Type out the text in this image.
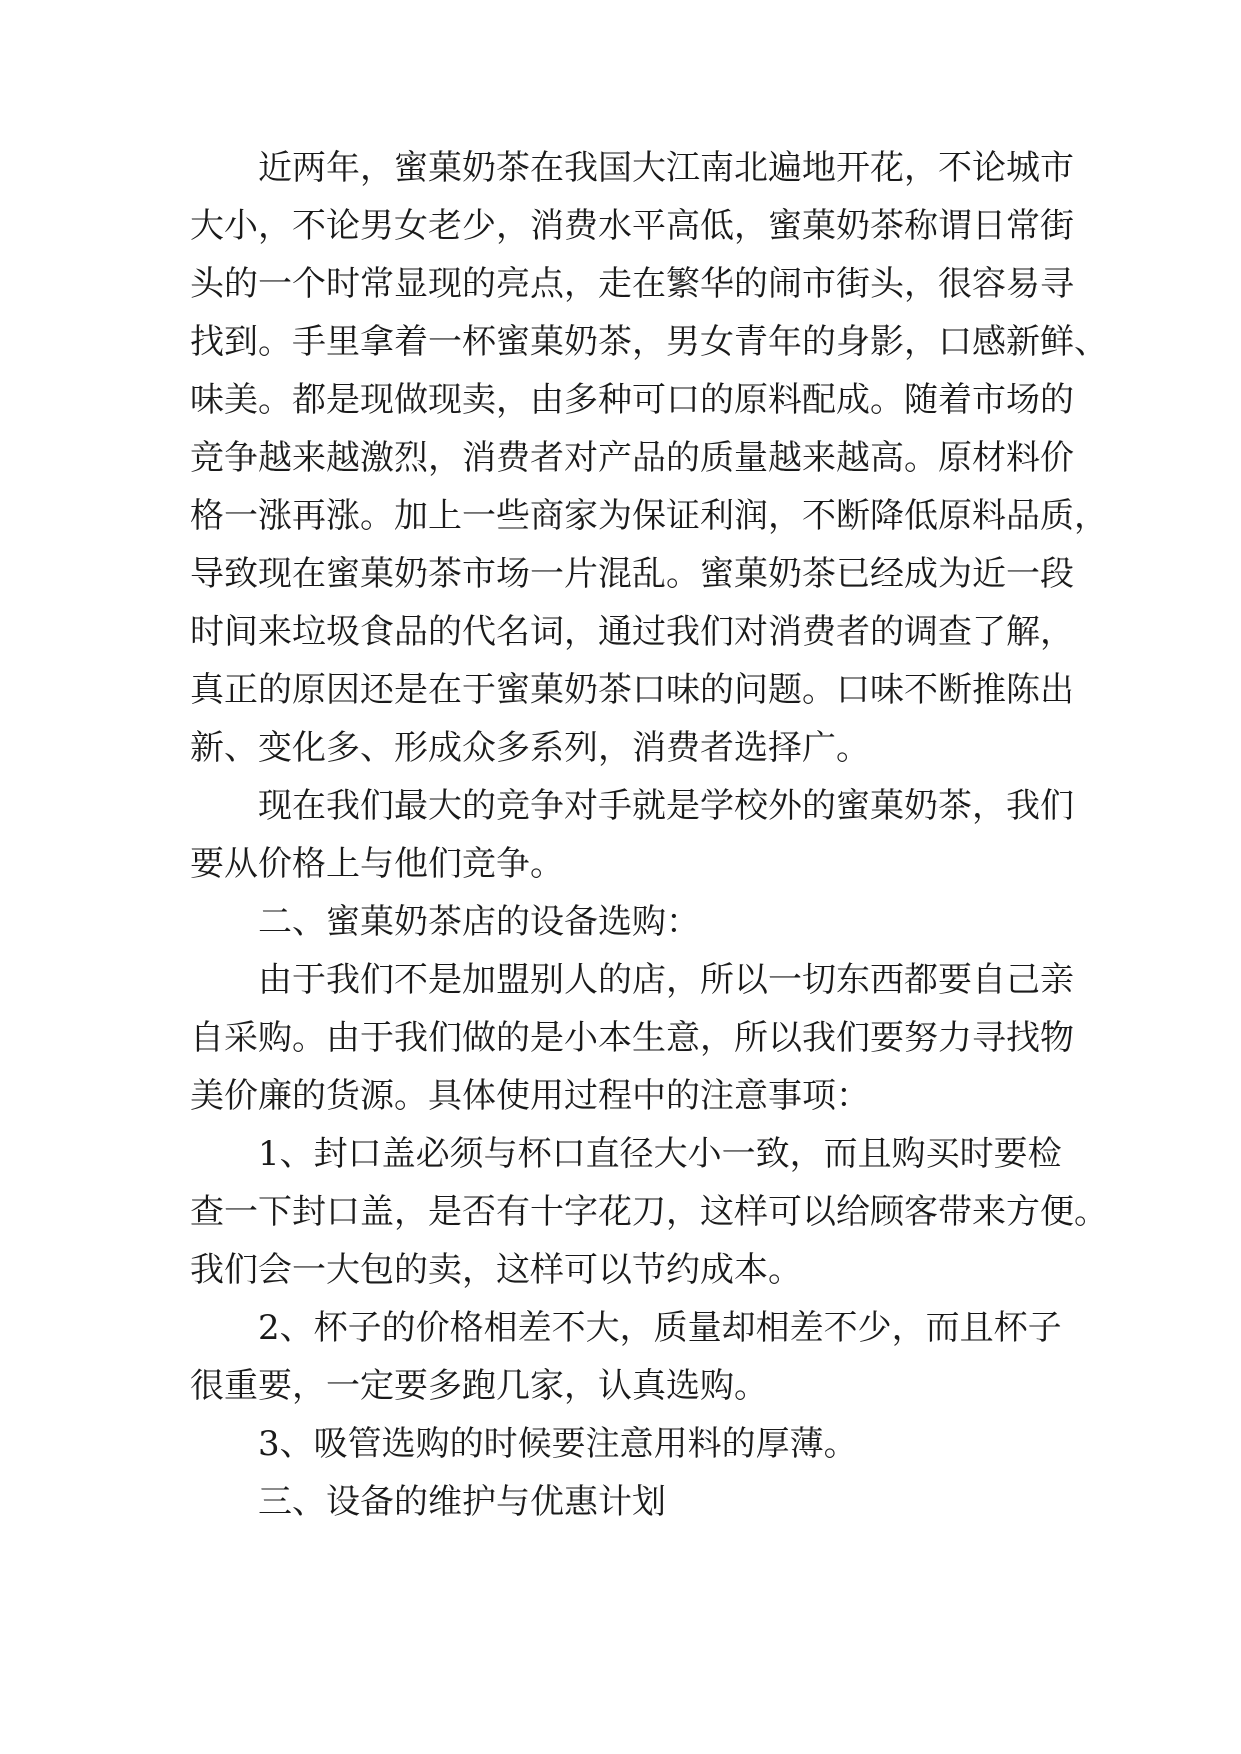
近两年，蜜菓奶茶在我国大江南北遍地开花，不论城市
大小，不论男女老少，消费水平高低，蜜菓奶茶称谓日常街
头的一个时常显现的亮点，走在繁华的闹市街头，很容易寻
找到。手里拿着一杯蜜菓奶茶，男女青年的身影，口感新鲜、
味美。都是现做现卖，由多种可口的原料配成。随着市场的
竞争越来越激烈，消费者对产品的质量越来越高。原材料价
格一涨再涨。加上一些商家为保证利润，不断降低原料品质，
导致现在蜜菓奶茶市场一片混乱。蜜菓奶茶已经成为近一段
时间来垃圾食品的代名词，通过我们对消费者的调查了解，
真正的原因还是在于蜜菓奶茶口味的问题。口味不断推陈出
新、变化多、形成众多系列，消费者选择广。
现在我们最大的竞争对手就是学校外的蜜菓奶茶，我们
要从价格上与他们竞争。
二、蜜菓奶茶店的设备选购：
由于我们不是加盟别人的店，所以一切东西都要自己亲
自采购。由于我们做的是小本生意，所以我们要努力寻找物
美价廉的货源。具体使用过程中的注意事项：
1、封口盖必须与杯口直径大小一致，而且购买时要检
查一下封口盖，是否有十字花刀，这样可以给顾客带来方便。
我们会一大包的卖，这样可以节约成本。
2、杯子的价格相差不大，质量却相差不少，而且杯子
很重要，一定要多跑几家，认真选购。
3、吸管选购的时候要注意用料的厚薄。
三、设备的维护与优惠计划
